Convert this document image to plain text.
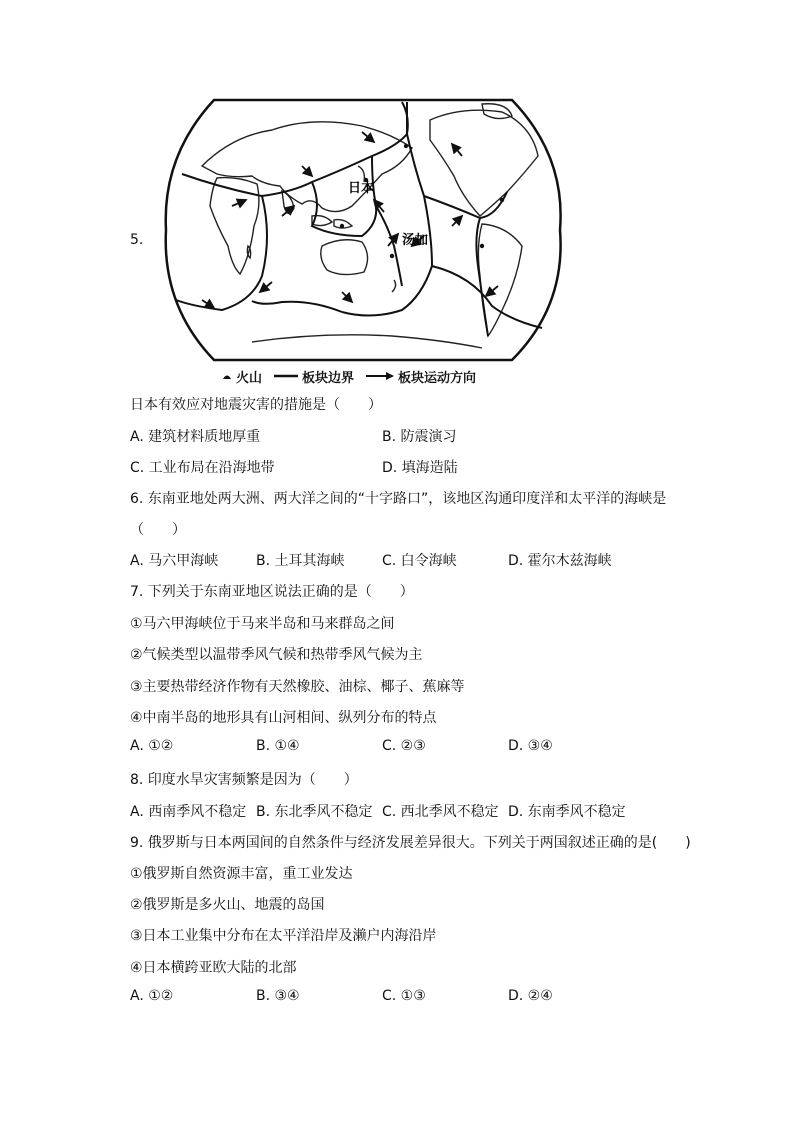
5.
日本
汤加
火山	板块边界	板块运动方向
日本有效应对地震灾害的措施是（　　）
A. 建筑材料质地厚重	B. 防震演习
C. 工业布局在沿海地带	D. 填海造陆
6. 东南亚地处两大洲、两大洋之间的“十字路口”，该地区沟通印度洋和太平洋的海峡是
（　　）
A. 马六甲海峡	B. 土耳其海峡	C. 白令海峡	D. 霍尔木兹海峡
7. 下列关于东南亚地区说法正确的是（　　）
①马六甲海峡位于马来半岛和马来群岛之间
②气候类型以温带季风气候和热带季风气候为主
③主要热带经济作物有天然橡胶、油棕、椰子、蕉麻等
④中南半岛的地形具有山河相间、纵列分布的特点
A. ①②	B. ①④	C. ②③	D. ③④
8. 印度水旱灾害频繁是因为（　　）
A. 西南季风不稳定 B. 东北季风不稳定 C. 西北季风不稳定 D. 东南季风不稳定
9. 俄罗斯与日本两国间的自然条件与经济发展差异很大。下列关于两国叙述正确的是(　　)
①俄罗斯自然资源丰富，重工业发达
②俄罗斯是多火山、地震的岛国
③日本工业集中分布在太平洋沿岸及濑户内海沿岸
④日本横跨亚欧大陆的北部
A. ①②	B. ③④	C. ①③	D. ②④
